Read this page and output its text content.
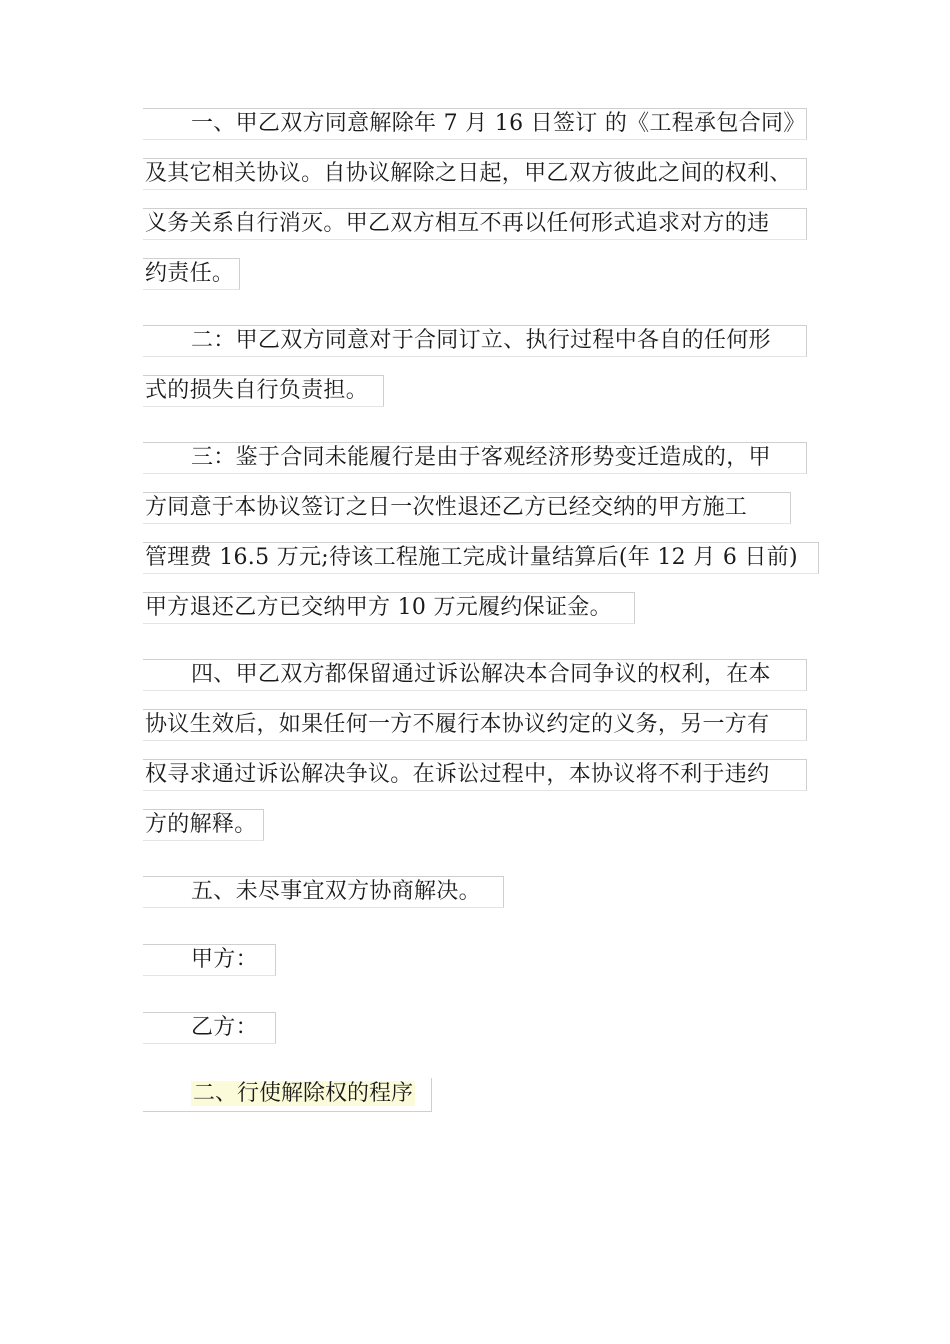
一、甲乙双方同意解除年 7 月 16 日签订 的《工程承包合同》
及其它相关协议。自协议解除之日起，甲乙双方彼此之间的权利、
义务关系自行消灭。甲乙双方相互不再以任何形式追求对方的违
约责任。
二：甲乙双方同意对于合同订立、执行过程中各自的任何形
式的损失自行负责担。
三：鉴于合同未能履行是由于客观经济形势变迁造成的，甲
方同意于本协议签订之日一次性退还乙方已经交纳的甲方施工
管理费 16.5 万元;待该工程施工完成计量结算后(年 12 月 6 日前)
甲方退还乙方已交纳甲方 10 万元履约保证金。
四、甲乙双方都保留通过诉讼解决本合同争议的权利，在本
协议生效后，如果任何一方不履行本协议约定的义务，另一方有
权寻求通过诉讼解决争议。在诉讼过程中，本协议将不利于违约
方的解释。
五、未尽事宜双方协商解决。
甲方：
乙方：
二、行使解除权的程序
